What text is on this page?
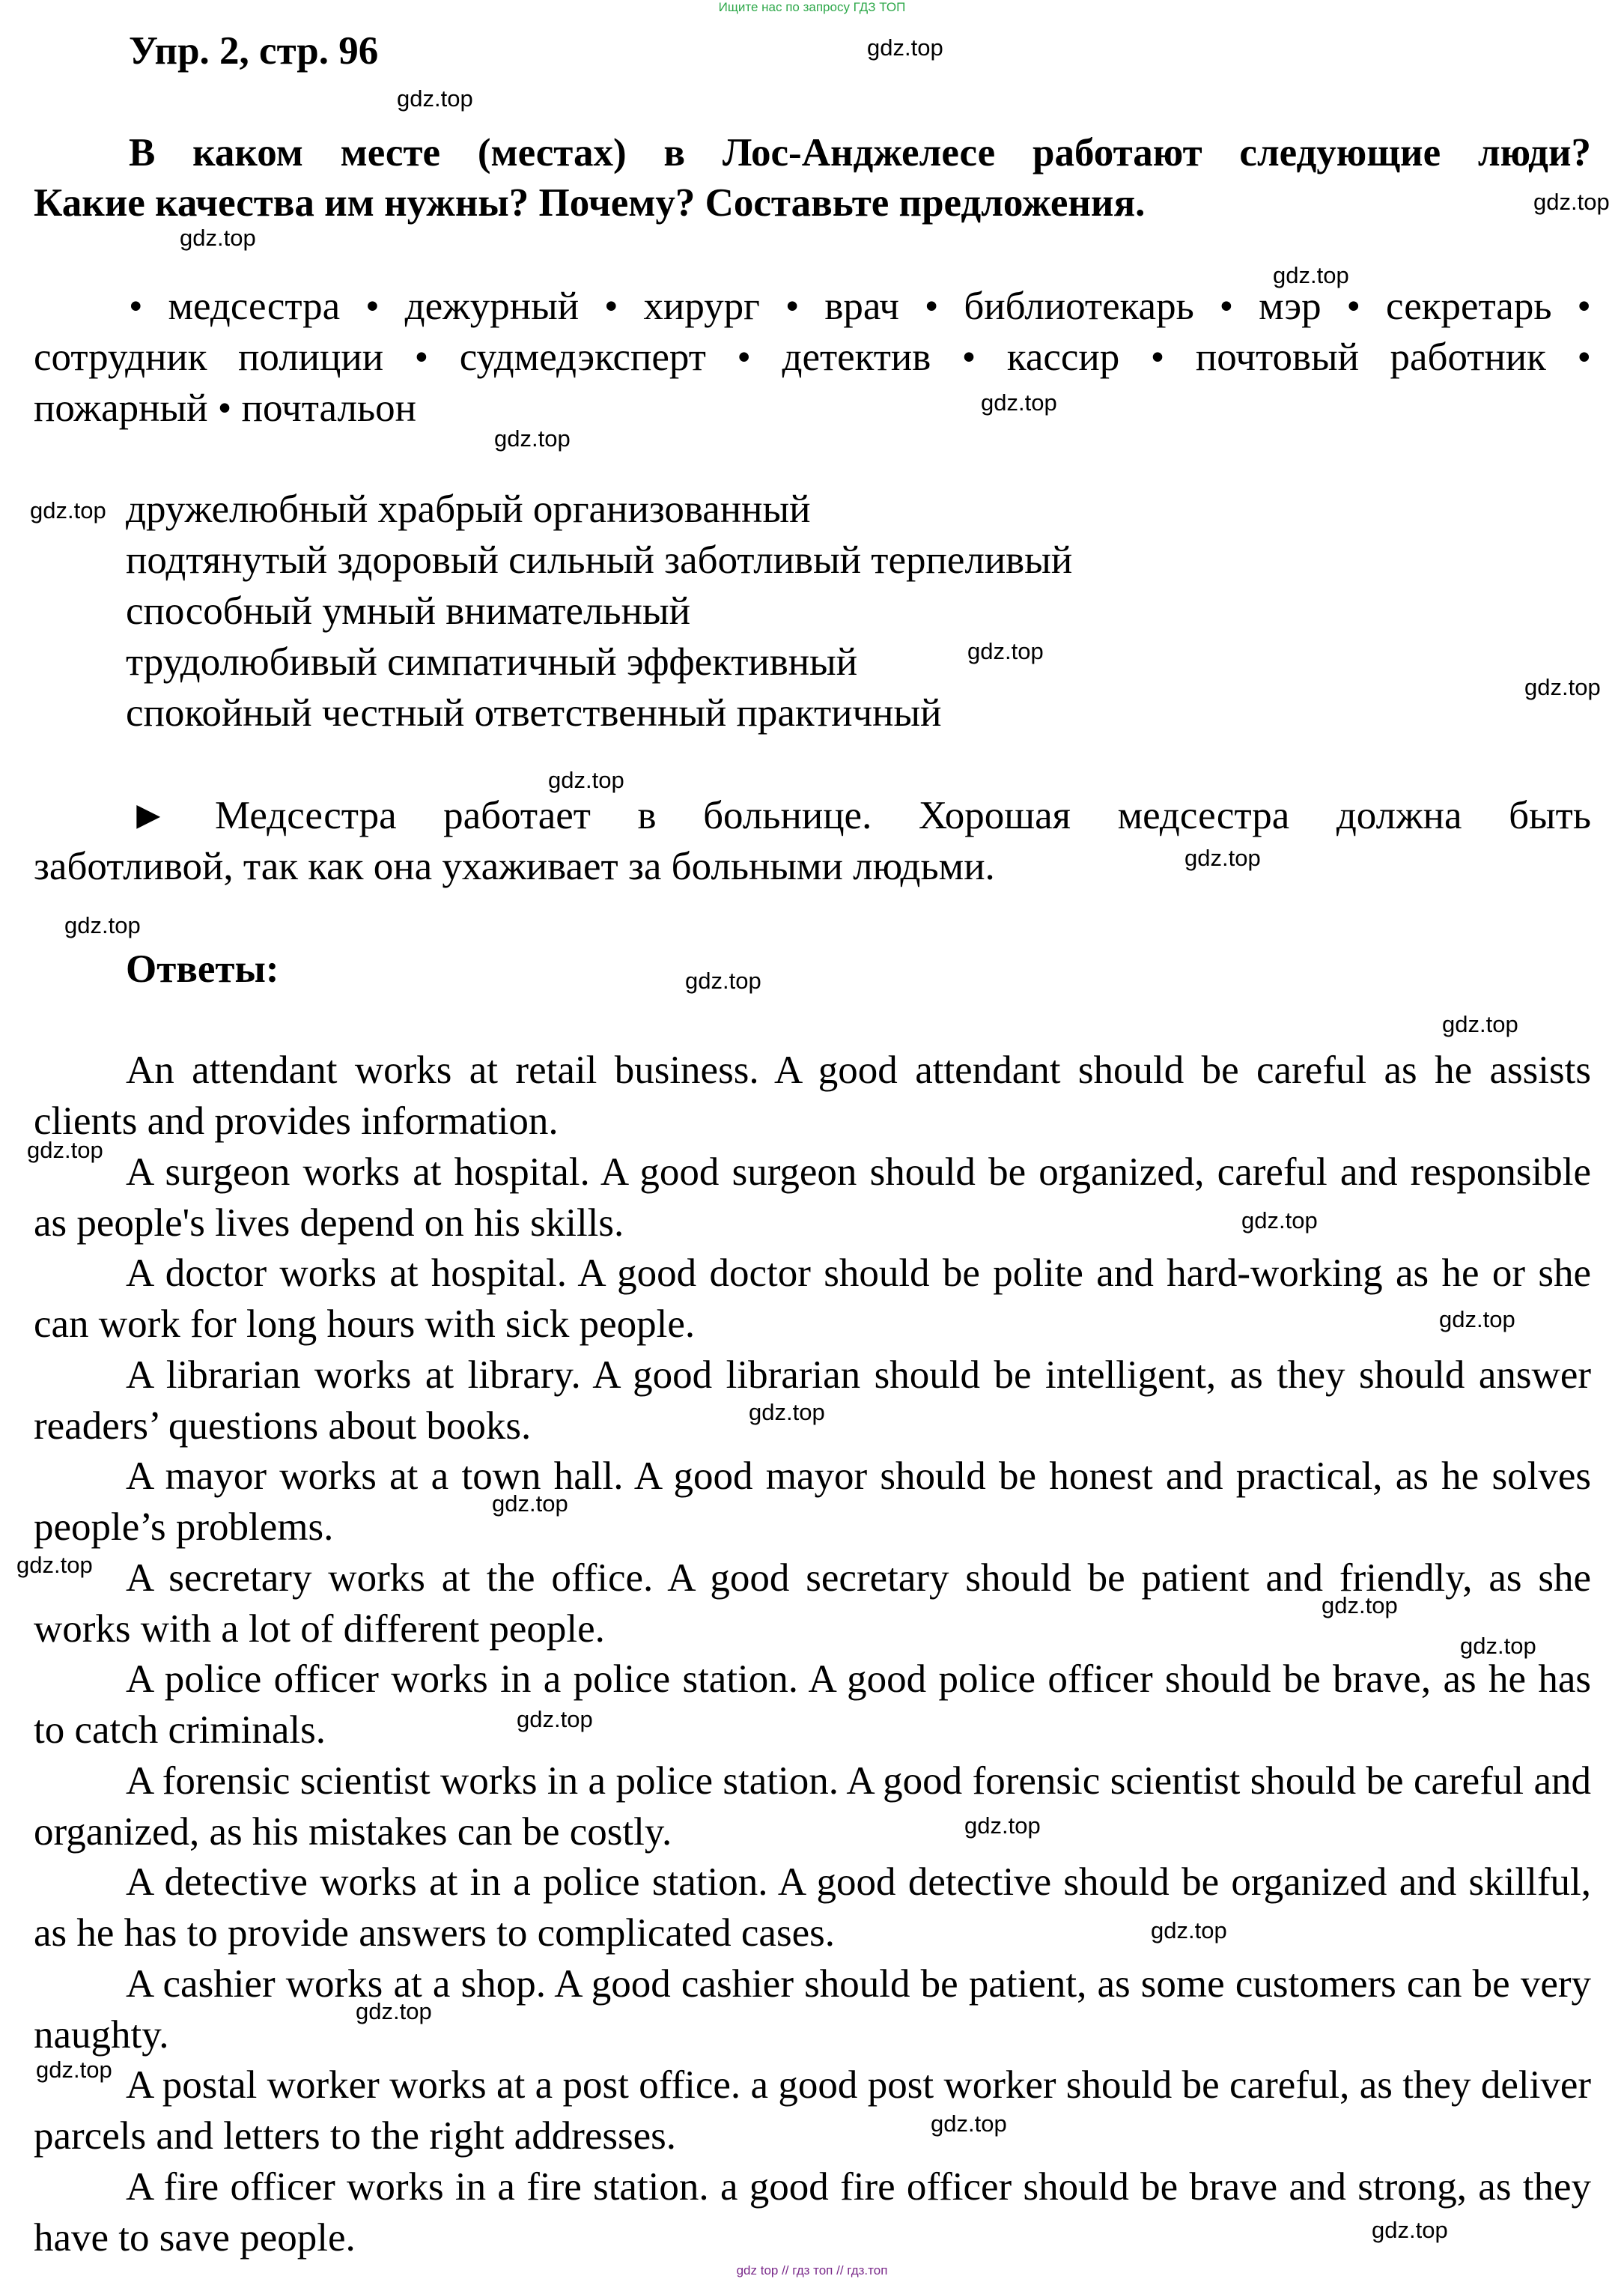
Ищите нас по запросу ГДЗ ТОП
Упр. 2, стр. 96
В каком месте (местах) в Лос-Анджелесе работают следующие люди?
Какие качества им нужны? Почему? Составьте предложения.
• медсестра • дежурный • хирург • врач • библиотекарь • мэр • секретарь •
сотрудник полиции • судмедэксперт • детектив • кассир • почтовый работник •
пожарный • почтальон
дружелюбный храбрый организованный
подтянутый здоровый сильный заботливый терпеливый
способный умный внимательный
трудолюбивый симпатичный эффективный
спокойный честный ответственный практичный
► Медсестра работает в больнице. Хорошая медсестра должна быть
заботливой, так как она ухаживает за больными людьми.
Ответы:
An attendant works at retail business. A good attendant should be careful as he assists clients and provides information.
A surgeon works at hospital. A good surgeon should be organized, careful and responsible as people's lives depend on his skills.
A doctor works at hospital. A good doctor should be polite and hard-working as he or she can work for long hours with sick people.
A librarian works at library. A good librarian should be intelligent, as they should answer readers’ questions about books.
A mayor works at a town hall. A good mayor should be honest and practical, as he solves people’s problems.
A secretary works at the office. A good secretary should be patient and friendly, as she works with a lot of different people.
A police officer works in a police station. A good police officer should be brave, as he has to catch criminals.
A forensic scientist works in a police station. A good forensic scientist should be careful and organized, as his mistakes can be costly.
A detective works at in a police station. A good detective should be organized and skillful, as he has to provide answers to complicated cases.
A cashier works at a shop. A good cashier should be patient, as some customers can be very naughty.
A postal worker works at a post office. a good post worker should be careful, as they deliver parcels and letters to the right addresses.
A fire officer works in a fire station. a good fire officer should be brave and strong, as they have to save people.
gdz.top
gdz.top
gdz.top
gdz.top
gdz.top
gdz.top
gdz.top
gdz.top
gdz.top
gdz.top
gdz.top
gdz.top
gdz.top
gdz.top
gdz.top
gdz.top
gdz.top
gdz.top
gdz.top
gdz.top
gdz.top
gdz.top
gdz.top
gdz.top
gdz.top
gdz.top
gdz.top
gdz.top
gdz.top
gdz.top
gdz top // гдз топ // гдз.топ
